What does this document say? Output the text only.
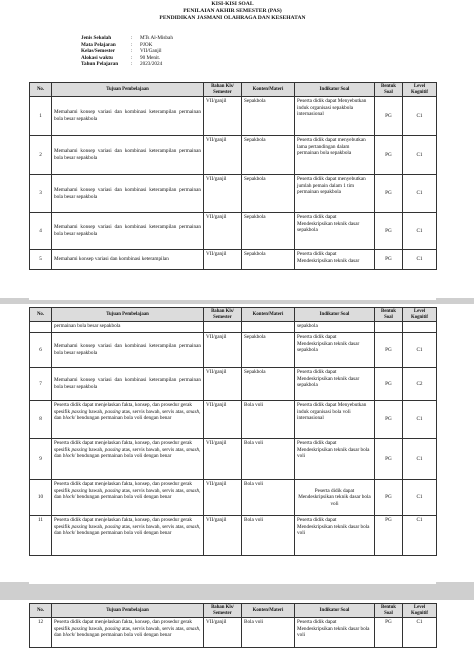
KISI-KISI SOAL
PENILAIAN AKHIR SEMESTER (PAS)
PENDIDIKAN JASMANI OLAHRAGA DAN KESEHATAN
Jenis Sekolah	:	MTs Al-Misbah
Mata Pelajaran	:	PJOK
Kelas/Semester	:	VII/Ganjil
Alokasi waktu	:	90 Menit.
Tahun Pelajaran	:	2023/2024
No.	Tujuan Pembelajaan	Bahan Kls/ Semester	Konten/Materi	Indikator Soal	Bentuk Soal	Level Kognitif
1	Memahami konsep variasi dan kombinasi keterampilan permainan bola besar sepakbola	VII/ganjil	Sepakbola	Peserta didik dapat Menyebutkan induk organisasi sepakbola internasional	PG	C1
2	Memahami konsep variasi dan kombinasi keterampilan permainan bola besar sepakbola	VII/ganjil	Sepakbola	Peserta didik dapat menyebutkan lama pertandingan dalam permainan bola sepakbola	PG	C1
3	Memahami konsep variasi dan kombinasi keterampilan permainan bola besar sepakbola	VII/ganjil	Sepakbola	Peserta didik dapat menyebutkan jumlah pemain dalam 1 tim permainan sepakbola	PG	C1
4	Memahami konsep variasi dan kombinasi keterampilan permainan bola besar sepakbola	VII/ganjil	Sepakbola	Peserta didik dapat Mendeskripsikan teknik dasar sepakbola	PG	C1
5	Memahami konsep variasi dan kombinasi keterampilan	VII/ganjil	Sepakbola	Peserta didik dapat Mendeskripsikan teknik dasar	PG	C1
No.	Tujuan Pembelajaan	Bahan Kls/ Semester	Konten/Materi	Indikator Soal	Bentuk Soal	Level Kognitif
	permainan bola besar sepakbola			sepakbola		
6	Memahami konsep variasi dan kombinasi keterampilan permainan bola besar sepakbola	VII/ganjil	Sepakbola	Peserta didik dapat Mendeskripsikan teknik dasar sepakbola	PG	C1
7	Memahami konsep variasi dan kombinasi keterampilan permainan bola besar sepakbola	VII/ganjil	Sepakbola	Peserta didik dapat Mendeskripsikan teknik dasar sepakbola	PG	C2
8	Peserta didik dapat menjelaskan fakta, konsep, dan prosedur gerak spesifik passing bawah, passing atas, servis bawah, servis atas, smash, dan block/ bendungan permainan bola voli dengan benar	VII/ganjil	Bola voli	Peserta didik dapat Menyebutkan induk organisasi bola voli internasional	PG	C1
9	Peserta didik dapat menjelaskan fakta, konsep, dan prosedur gerak spesifik passing bawah, passing atas, servis bawah, servis atas, smash, dan block/ bendungan permainan bola voli dengan benar	VII/ganjil	Bola voli	Peserta didik dapat Mendeskripsikan teknik dasar bola voli	PG	C1
10	Peserta didik dapat menjelaskan fakta, konsep, dan prosedur gerak spesifik passing bawah, passing atas, servis bawah, servis atas, smash, dan block/ bendungan permainan bola voli dengan benar	VII/ganjil	Bola voli	Peserta didik dapat Mendeskripsikan teknik dasar bola voli	PG	C1
11	Peserta didik dapat menjelaskan fakta, konsep, dan prosedur gerak spesifik passing bawah, passing atas, servis bawah, servis atas, smash, dan block/ bendungan permainan bola voli dengan benar	VII/ganjil	Bola voli	Peserta didik dapat Mendeskripsikan teknik dasar bola voli	PG	C1
No.	Tujuan Pembelajaan	Bahan Kls/ Semester	Konten/Materi	Indikator Soal	Bentuk Soal	Level Kognitif
12	Peserta didik dapat menjelaskan fakta, konsep, dan prosedur gerak spesifik passing bawah, passing atas, servis bawah, servis atas, smash, dan block/ bendungan permainan bola voli dengan benar	VII/ganjil	Bola voli	Peserta didik dapat Mendeskripsikan teknik dasar bola voli	PG	C1
